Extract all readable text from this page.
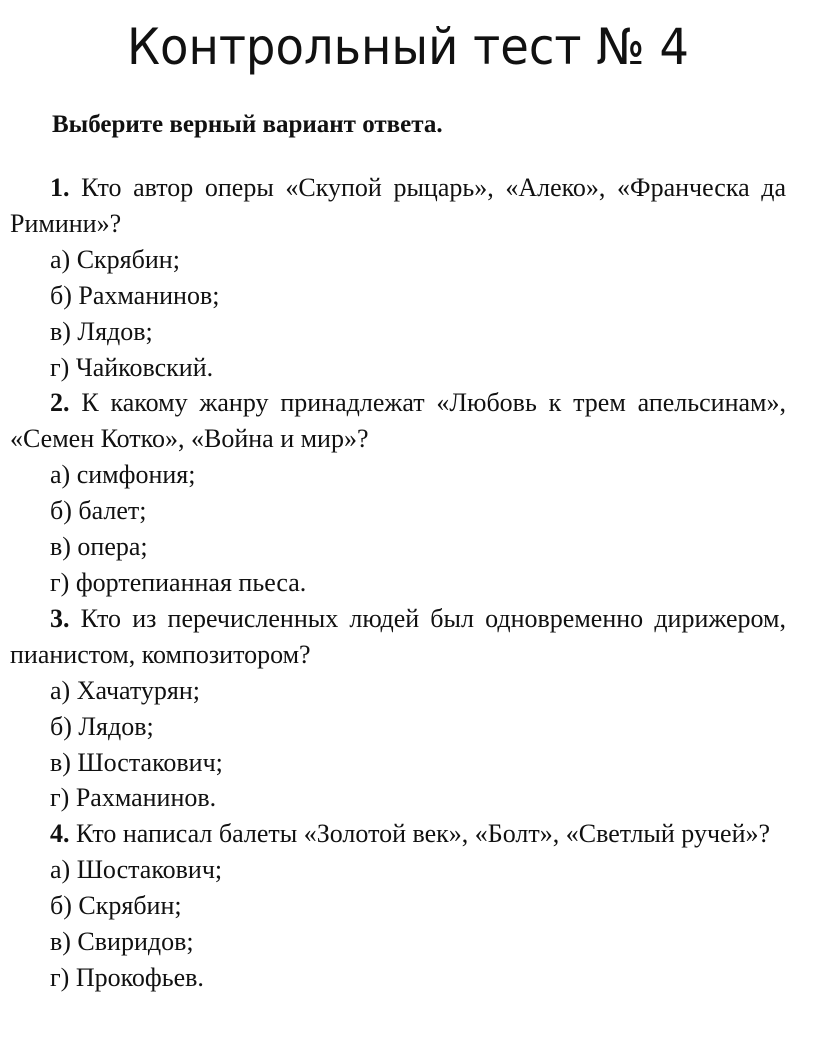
Контрольный тест № 4

Выберите верный вариант ответа.

1. Кто автор оперы «Скупой рыцарь», «Алеко», «Франческа да Римини»?

а) Скрябин;
б) Рахманинов;
в) Лядов;
г) Чайковский.

2. К какому жанру принадлежат «Любовь к трем апельсинам», «Семен Котко», «Война и мир»?

а) симфония;
б) балет;
в) опера;
г) фортепианная пьеса.

3. Кто из перечисленных людей был одновременно дирижером, пианистом, композитором?

а) Хачатурян;
б) Лядов;
в) Шостакович;
г) Рахманинов.

4. Кто написал балеты «Золотой век», «Болт», «Светлый ручей»?

а) Шостакович;
б) Скрябин;
в) Свиридов;
г) Прокофьев.
